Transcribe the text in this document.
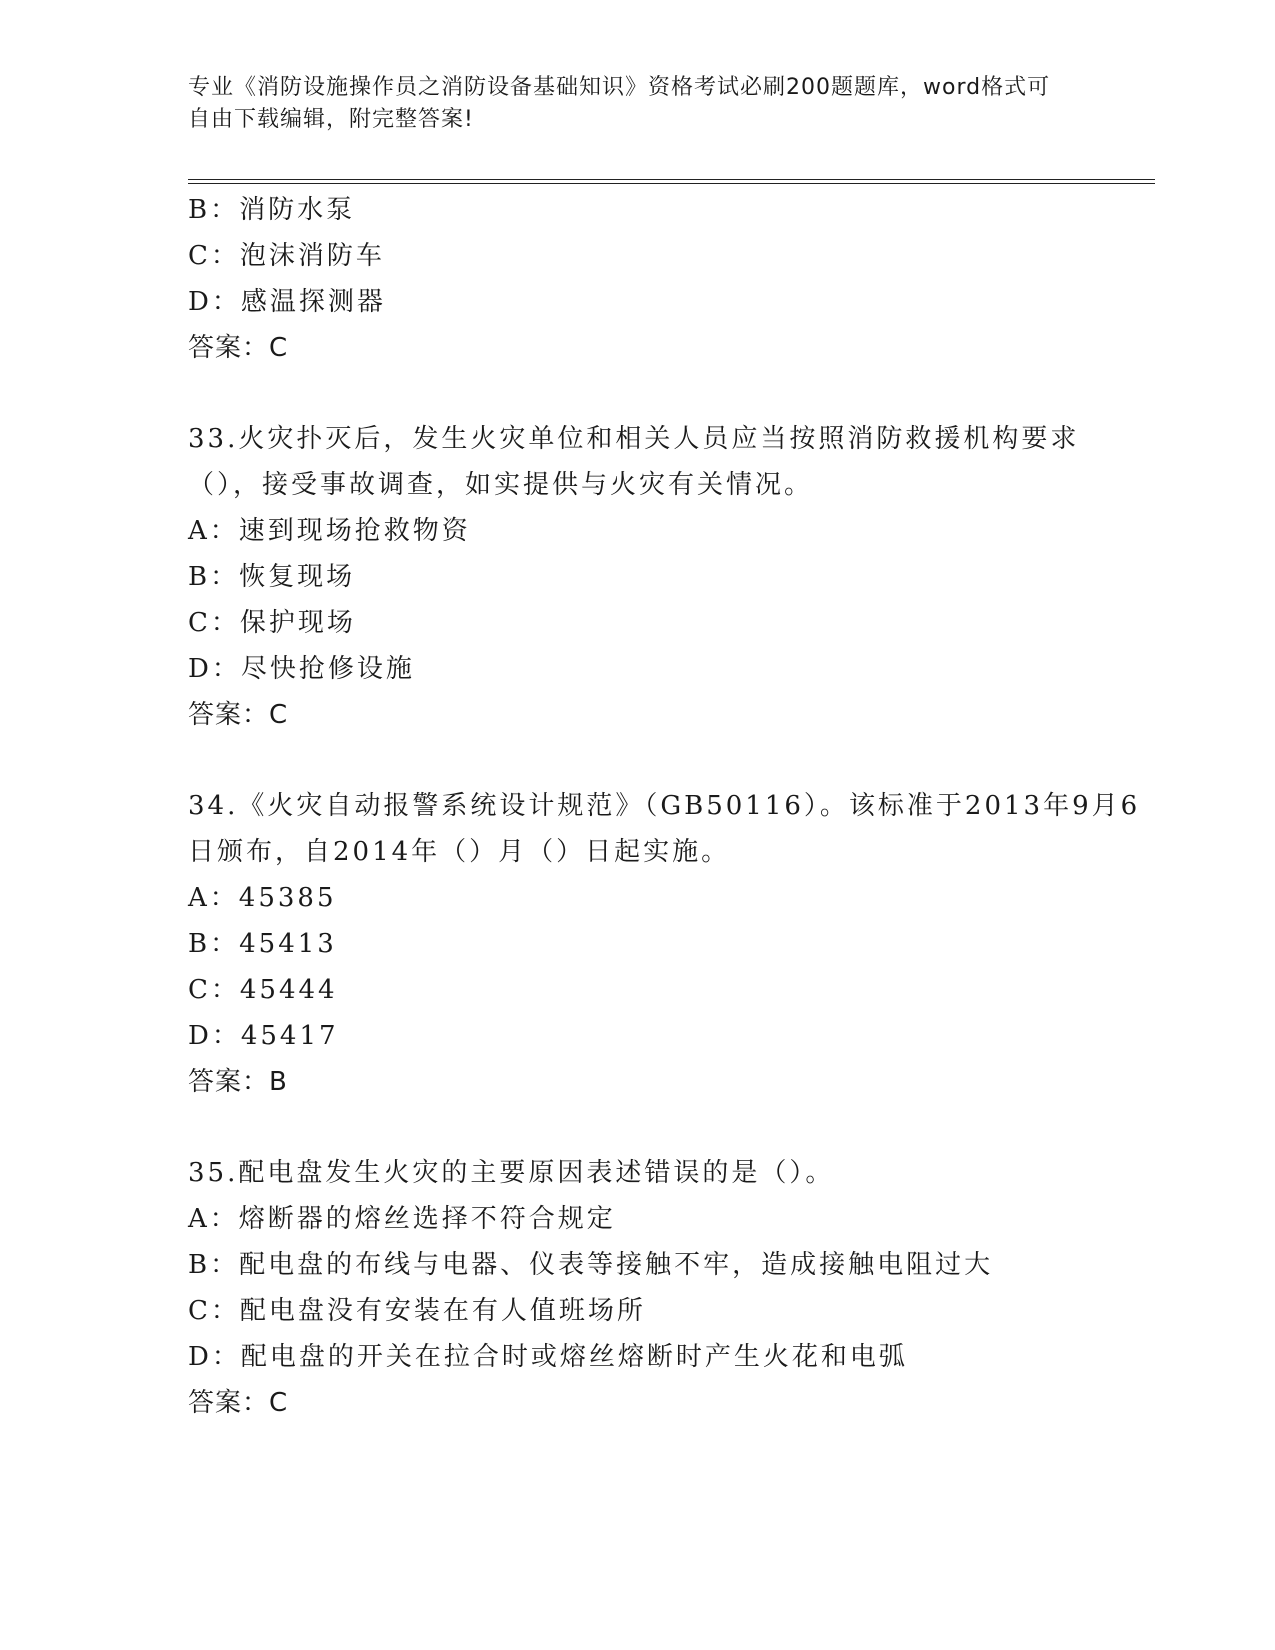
专业《消防设施操作员之消防设备基础知识》资格考试必刷200题题库，word格式可自由下载编辑，附完整答案!
B：消防水泵
C：泡沫消防车
D：感温探测器
答案：C
33.火灾扑灭后，发生火灾单位和相关人员应当按照消防救援机构要求（），接受事故调查，如实提供与火灾有关情况。
A：速到现场抢救物资
B：恢复现场
C：保护现场
D：尽快抢修设施
答案：C
34.《火灾自动报警系统设计规范》（GB50116）。该标准于2013年9月6日颁布，自2014年（）月（）日起实施。
A：45385
B：45413
C：45444
D：45417
答案：B
35.配电盘发生火灾的主要原因表述错误的是（）。
A：熔断器的熔丝选择不符合规定
B：配电盘的布线与电器、仪表等接触不牢，造成接触电阻过大
C：配电盘没有安装在有人值班场所
D：配电盘的开关在拉合时或熔丝熔断时产生火花和电弧
答案：C
